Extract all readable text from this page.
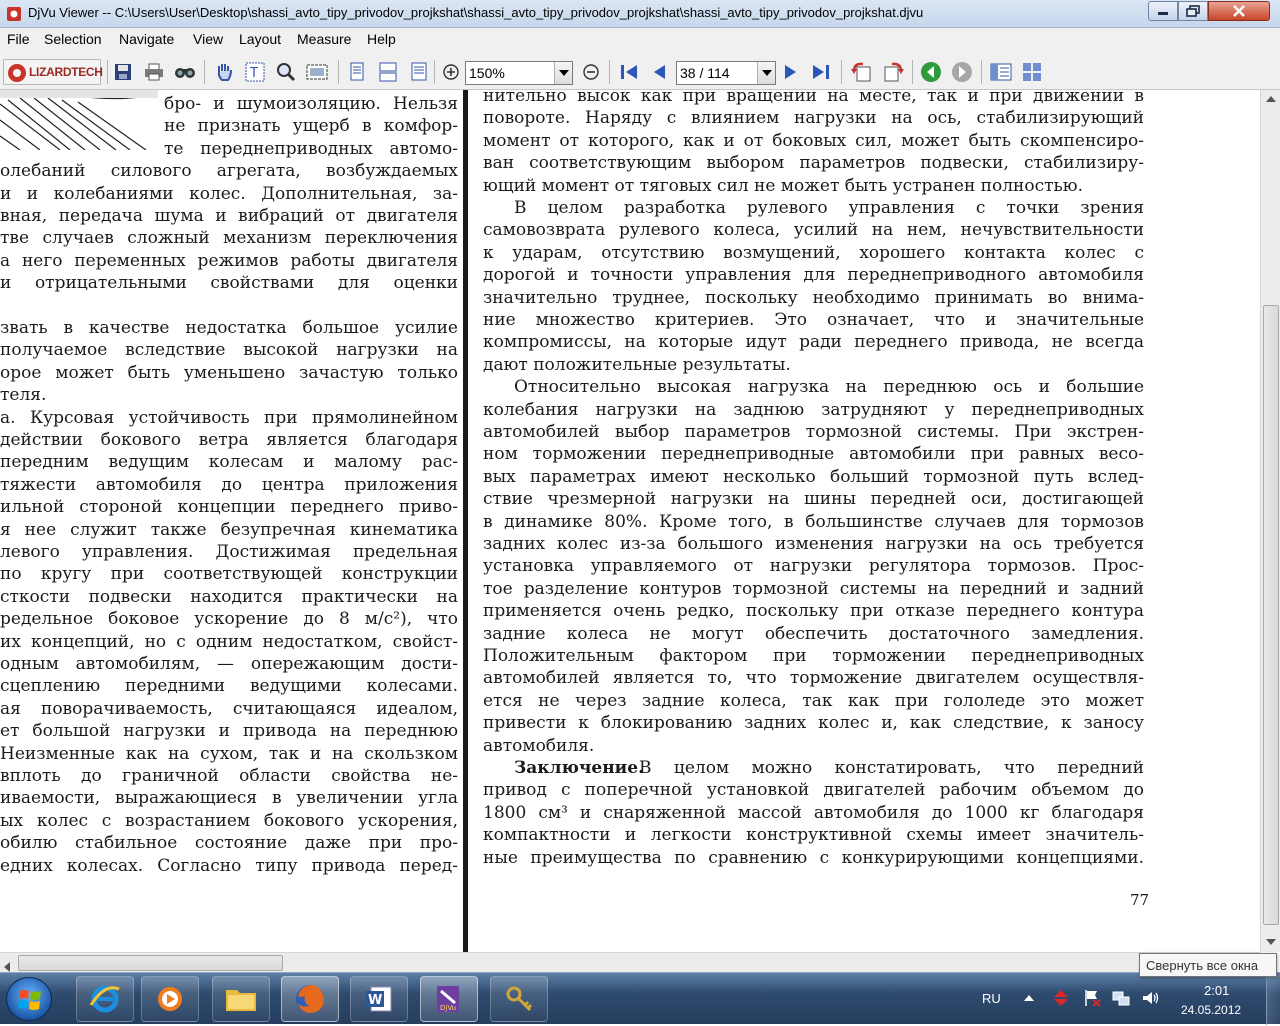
DjVu Viewer -- C:\Users\User\Desktop\shassi_avto_tipy_privodov_projkshat\shassi_avto_tipy_privodov_projkshat\shassi_avto_tipy_privodov_projkshat.djvu
File Selection Navigate View Layout Measure Help
LIZARDTECH	T	150%	38 / 114
бро- и шумоизоляцию. Нельзя
не признать ущерб в комфор-
те переднеприводных автомо-
олебаний силового агрегата, возбуждаемых
и и колебаниями колес. Дополнительная, за-
вная, передача шума и вибраций от двигателя
тве случаев сложный механизм переключения
а него переменных режимов работы двигателя
и отрицательными свойствами для оценки
звать в качестве недостатка большое усилие
получаемое вследствие высокой нагрузки на
орое может быть уменьшено зачастую только
теля.
а. Курсовая устойчивость при прямолинейном
действии бокового ветра является благодаря
передним ведущим колесам и малому рас-
тяжести автомобиля до центра приложения
ильной стороной концепции переднего приво-
я нее служит также безупречная кинематика
левого управления. Достижимая предельная
по кругу при соответствующей конструкции
сткости подвески находится практически на
редельное боковое ускорение до 8 м/с²), что
их концепций, но с одним недостатком, свойст-
одным автомобилям, — опережающим дости-
сцеплению передними ведущими колесами.
ая поворачиваемость, считающаяся идеалом,
ет большой нагрузки и привода на переднюю
Неизменные как на сухом, так и на скользком
вплоть до граничной области свойства не-
иваемости, выражающиеся в увеличении угла
ых колес с возрастанием бокового ускорения,
обилю стабильное состояние даже при про-
едних колесах. Согласно типу привода перед-
нительно высок как при вращении на месте, так и при движении в
повороте. Наряду с влиянием нагрузки на ось, стабилизирующий
момент от которого, как и от боковых сил, может быть скомпенсиро-
ван соответствующим выбором параметров подвески, стабилизиру-
ющий момент от тяговых сил не может быть устранен полностью.
В целом разработка рулевого управления с точки зрения
самовозврата рулевого колеса, усилий на нем, нечувствительности
к ударам, отсутствию возмущений, хорошего контакта колес с
дорогой и точности управления для переднеприводного автомобиля
значительно труднее, поскольку необходимо принимать во внима-
ние множество критериев. Это означает, что и значительные
компромиссы, на которые идут ради переднего привода, не всегда
дают положительные результаты.
Относительно высокая нагрузка на переднюю ось и большие
колебания нагрузки на заднюю затрудняют у переднеприводных
автомобилей выбор параметров тормозной системы. При экстрен-
ном торможении переднеприводные автомобили при равных весо-
вых параметрах имеют несколько больший тормозной путь вслед-
ствие чрезмерной нагрузки на шины передней оси, достигающей
в динамике 80%. Кроме того, в большинстве случаев для тормозов
задних колес из-за большого изменения нагрузки на ось требуется
установка управляемого от нагрузки регулятора тормозов. Прос-
тое разделение контуров тормозной системы на передний и задний
применяется очень редко, поскольку при отказе переднего контура
задние колеса не могут обеспечить достаточного замедления.
Положительным фактором при торможении переднеприводных
автомобилей является то, что торможение двигателем осуществля-
ется не через задние колеса, так как при гололеде это может
привести к блокированию задних колес и, как следствие, к заносу
автомобиля.
Заключение.
В целом можно констатировать, что передний
привод с поперечной установкой двигателей рабочим объемом до
1800 см³ и снаряженной массой автомобиля до 1000 кг благодаря
компактности и легкости конструктивной схемы имеет значитель-
ные преимущества по сравнению с конкурирующими концепциями.
77
W	DjVu
RU
2:01
24.05.2012
Свернуть все окна
